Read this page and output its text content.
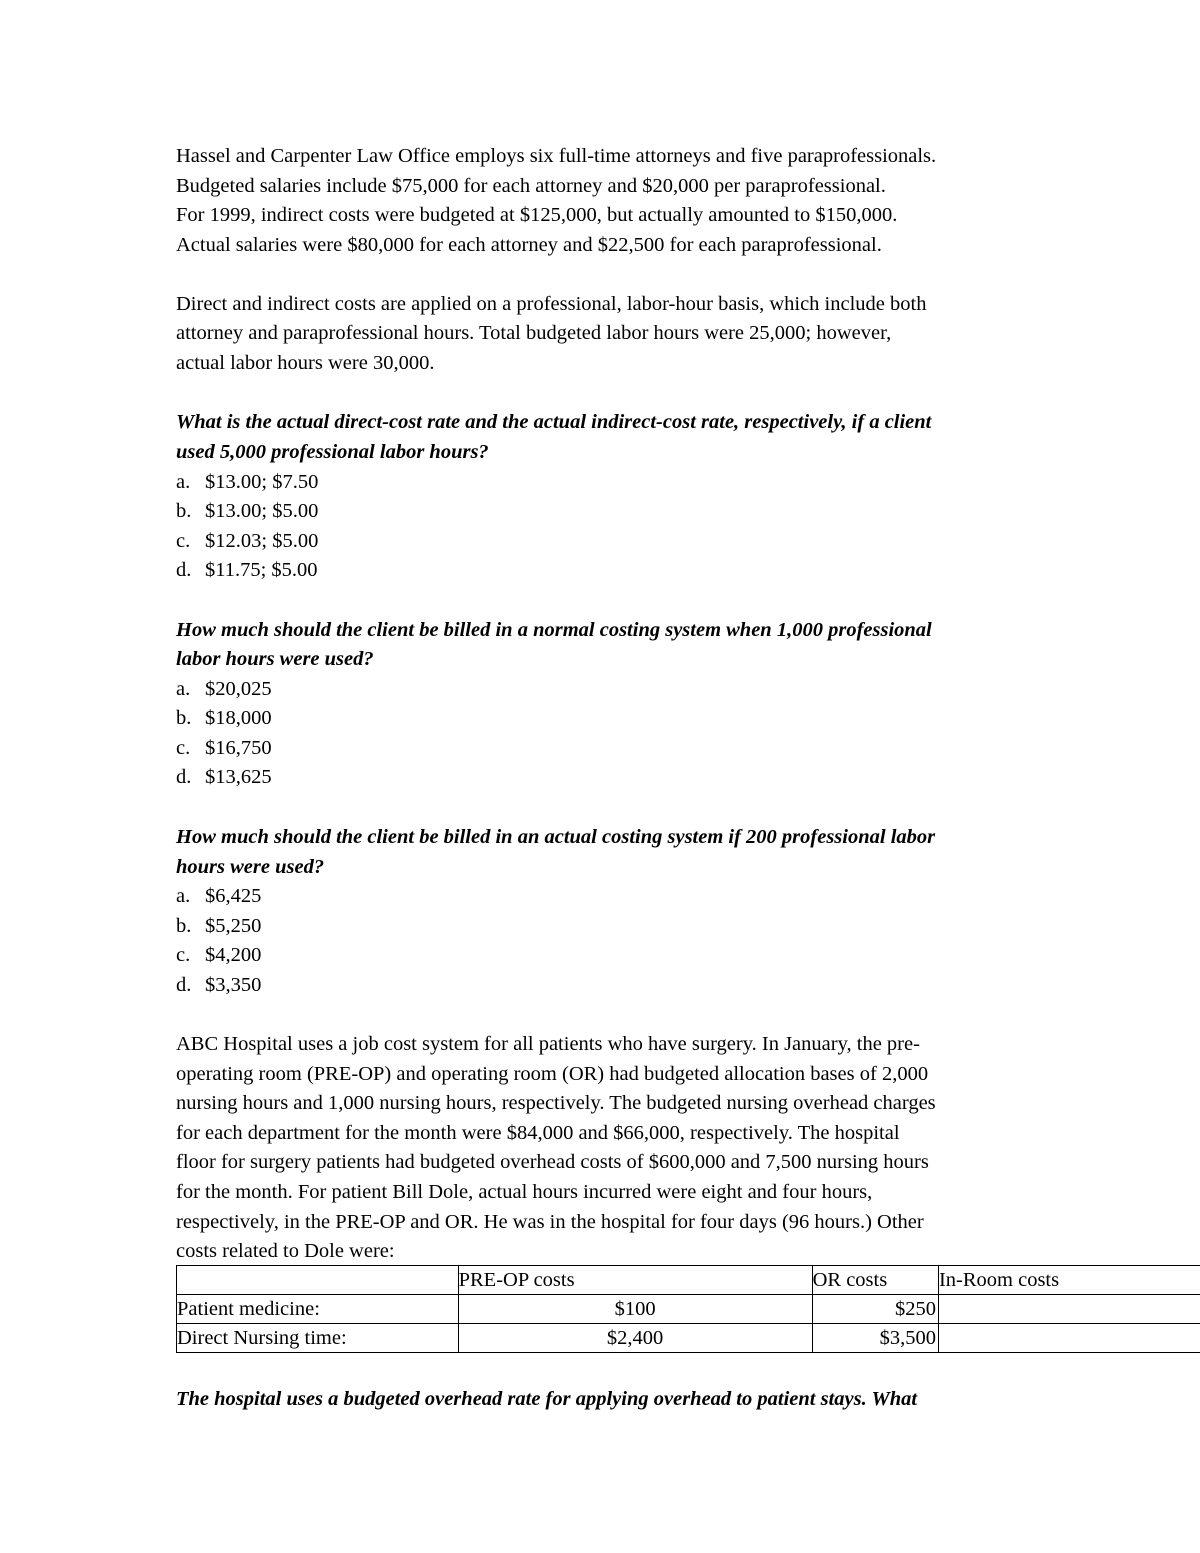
Hassel and Carpenter Law Office employs six full-time attorneys and five paraprofessionals.
Budgeted salaries include $75,000 for each attorney and $20,000 per paraprofessional.
For 1999, indirect costs were budgeted at $125,000, but actually amounted to $150,000.
Actual salaries were $80,000 for each attorney and $22,500 for each paraprofessional.
Direct and indirect costs are applied on a professional, labor-hour basis, which include both
attorney and paraprofessional hours. Total budgeted labor hours were 25,000; however,
actual labor hours were 30,000.
What is the actual direct-cost rate and the actual indirect-cost rate, respectively, if a client
used 5,000 professional labor hours?
a. $13.00; $7.50
b. $13.00; $5.00
c. $12.03; $5.00
d. $11.75; $5.00
How much should the client be billed in a normal costing system when 1,000 professional
labor hours were used?
a. $20,025
b. $18,000
c. $16,750
d. $13,625
How much should the client be billed in an actual costing system if 200 professional labor
hours were used?
a. $6,425
b. $5,250
c. $4,200
d. $3,350
ABC Hospital uses a job cost system for all patients who have surgery. In January, the pre-
operating room (PRE-OP) and operating room (OR) had budgeted allocation bases of 2,000
nursing hours and 1,000 nursing hours, respectively. The budgeted nursing overhead charges
for each department for the month were $84,000 and $66,000, respectively. The hospital
floor for surgery patients had budgeted overhead costs of $600,000 and 7,500 nursing hours
for the month. For patient Bill Dole, actual hours incurred were eight and four hours,
respectively, in the PRE-OP and OR. He was in the hospital for four days (96 hours.) Other
costs related to Dole were:
	PRE-OP costs	OR costs	In-Room costs
Patient medicine:	$100	$250	
Direct Nursing time:	$2,400	$3,500	
The hospital uses a budgeted overhead rate for applying overhead to patient stays. What
